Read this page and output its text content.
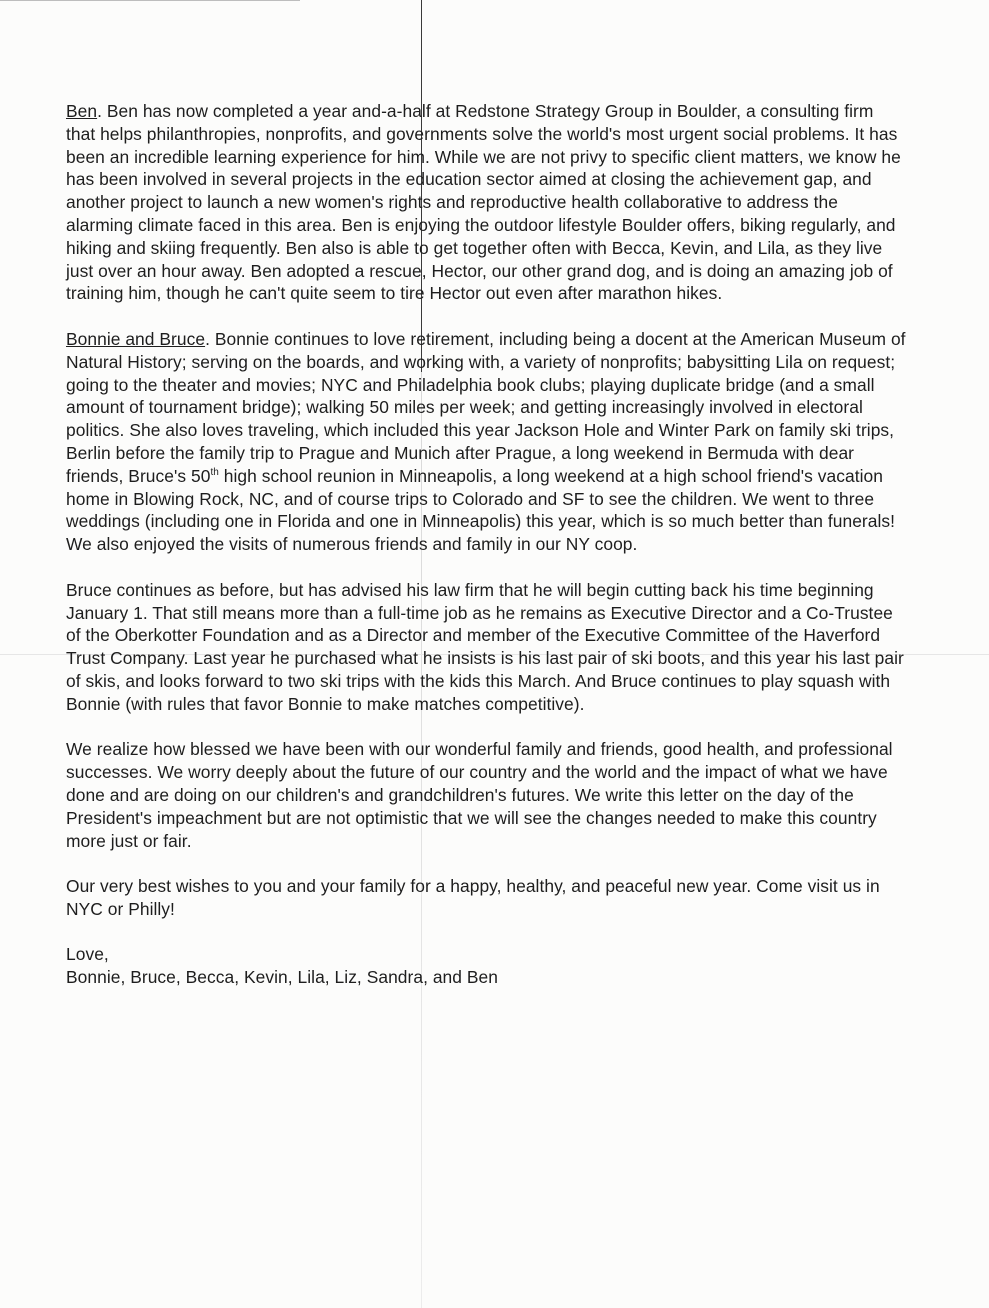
Ben. Ben has now completed a year and-a-half at Redstone Strategy Group in Boulder, a consulting firm that helps philanthropies, nonprofits, and governments solve the world's most urgent social problems. It has been an incredible learning experience for him. While we are not privy to specific client matters, we know he has been involved in several projects in the education sector aimed at closing the achievement gap, and another project to launch a new women's rights and reproductive health collaborative to address the alarming climate faced in this area. Ben is enjoying the outdoor lifestyle Boulder offers, biking regularly, and hiking and skiing frequently. Ben also is able to get together often with Becca, Kevin, and Lila, as they live just over an hour away. Ben adopted a rescue, Hector, our other grand dog, and is doing an amazing job of training him, though he can't quite seem to tire Hector out even after marathon hikes.

Bonnie and Bruce. Bonnie continues to love retirement, including being a docent at the American Museum of Natural History; serving on the boards, and working with, a variety of nonprofits; babysitting Lila on request; going to the theater and movies; NYC and Philadelphia book clubs; playing duplicate bridge (and a small amount of tournament bridge); walking 50 miles per week; and getting increasingly involved in electoral politics. She also loves traveling, which included this year Jackson Hole and Winter Park on family ski trips, Berlin before the family trip to Prague and Munich after Prague, a long weekend in Bermuda with dear friends, Bruce's 50th high school reunion in Minneapolis, a long weekend at a high school friend's vacation home in Blowing Rock, NC, and of course trips to Colorado and SF to see the children. We went to three weddings (including one in Florida and one in Minneapolis) this year, which is so much better than funerals! We also enjoyed the visits of numerous friends and family in our NY coop.

Bruce continues as before, but has advised his law firm that he will begin cutting back his time beginning January 1. That still means more than a full-time job as he remains as Executive Director and a Co-Trustee of the Oberkotter Foundation and as a Director and member of the Executive Committee of the Haverford Trust Company. Last year he purchased what he insists is his last pair of ski boots, and this year his last pair of skis, and looks forward to two ski trips with the kids this March. And Bruce continues to play squash with Bonnie (with rules that favor Bonnie to make matches competitive).

We realize how blessed we have been with our wonderful family and friends, good health, and professional successes. We worry deeply about the future of our country and the world and the impact of what we have done and are doing on our children's and grandchildren's futures. We write this letter on the day of the President's impeachment but are not optimistic that we will see the changes needed to make this country more just or fair.

Our very best wishes to you and your family for a happy, healthy, and peaceful new year. Come visit us in NYC or Philly!

Love,

Bonnie, Bruce, Becca, Kevin, Lila, Liz, Sandra, and Ben
